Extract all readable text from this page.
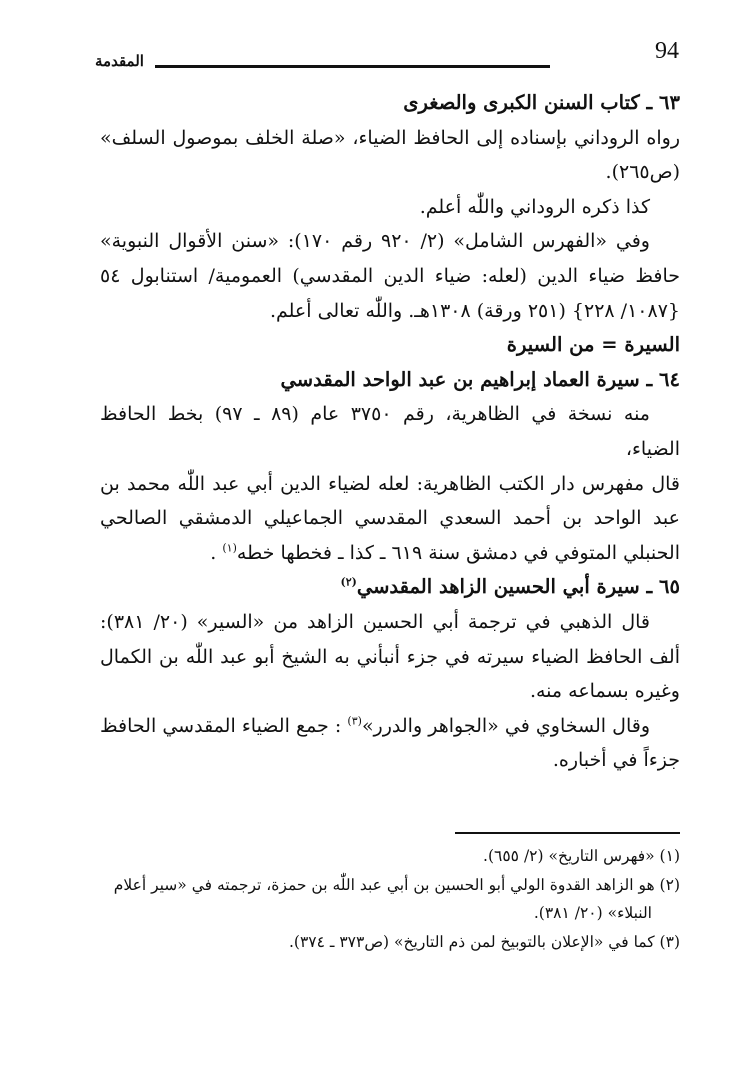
94
المقدمة

٦٣ ـ كتاب السنن الكبرى والصغرى

رواه الروداني بإسناده إلى الحافظ الضياء، «صلة الخلف بموصول السلف» (ص٢٦٥).

كذا ذكره الروداني واللّٰه أعلم.

وفي «الفهرس الشامل» (٢/ ٩٢٠ رقم ١٧٠): «سنن الأقوال النبوية» حافظ ضياء الدين (لعله: ضياء الدين المقدسي) العمومية/ استنابول ٥٤ {١٠٨٧/ ٢٢٨} (٢٥١ ورقة) ١٣٠٨هـ. واللّٰه تعالى أعلم.

السيرة = من السيرة

٦٤ ـ سيرة العماد إبراهيم بن عبد الواحد المقدسي

منه نسخة في الظاهرية، رقم ٣٧٥٠ عام (٨٩ ـ ٩٧) بخط الحافظ الضياء،

قال مفهرس دار الكتب الظاهرية: لعله لضياء الدين أبي عبد اللّٰه محمد بن عبد الواحد بن أحمد السعدي المقدسي الجماعيلي الدمشقي الصالحي الحنبلي المتوفي في دمشق سنة ٦١٩ ـ كذا ـ فخطها خطه$^{(١)}$ .

٦٥ ـ سيرة أبي الحسين الزاهد المقدسي$^{(٢)}$

قال الذهبي في ترجمة أبي الحسين الزاهد من «السير» (٢٠/ ٣٨١): ألف الحافظ الضياء سيرته في جزء أنبأني به الشيخ أبو عبد اللّٰه بن الكمال وغيره بسماعه منه.

وقال السخاوي في «الجواهر والدرر»$^{(٣)}$ : جمع الضياء المقدسي الحافظ جزءاً في أخباره.

(١) «فهرس التاريخ» (٢/ ٦٥٥).

(٢) هو الزاهد القدوة الولي أبو الحسين بن أبي عبد اللّٰه بن حمزة، ترجمته في «سير أعلام

النبلاء» (٢٠/ ٣٨١).

(٣) كما في «الإعلان بالتوبيخ لمن ذم التاريخ» (ص٣٧٣ ـ ٣٧٤).
